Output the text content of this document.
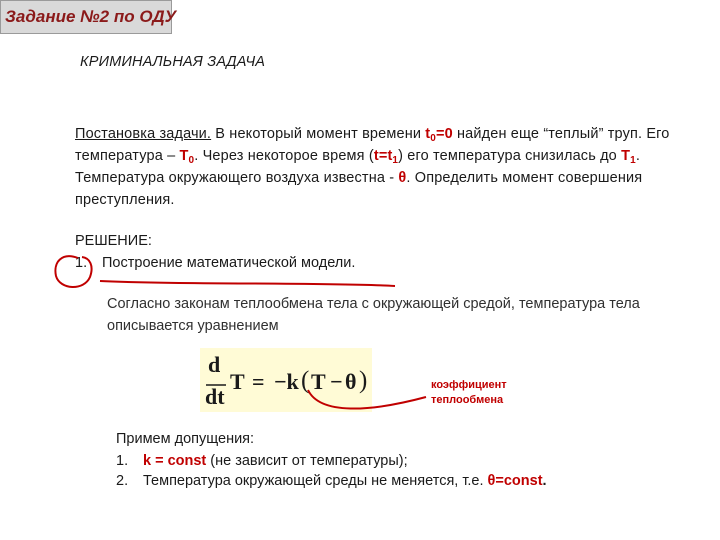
Задание №2 по ОДУ
КРИМИНАЛЬНАЯ ЗАДАЧА
Постановка задачи. В некоторый момент времени $t_0=0$ найден еще “теплый” труп. Его температура – $T_0$. Через некоторое время $(t=t_1)$ его температура снизилась до $T_1$. Температура окружающего воздуха известна - θ. Определить момент совершения преступления.
РЕШЕНИЕ:
1. Построение математической модели.
Согласно законам теплообмена тела с окружающей средой, температура тела описывается уравнением
d
dt
T = −k ( T − θ )	коэффициент
теплообмена
Примем допущения:
1. k = const (не зависит от температуры);
2. Температура окружающей среды не меняется, т.е. θ=const.
